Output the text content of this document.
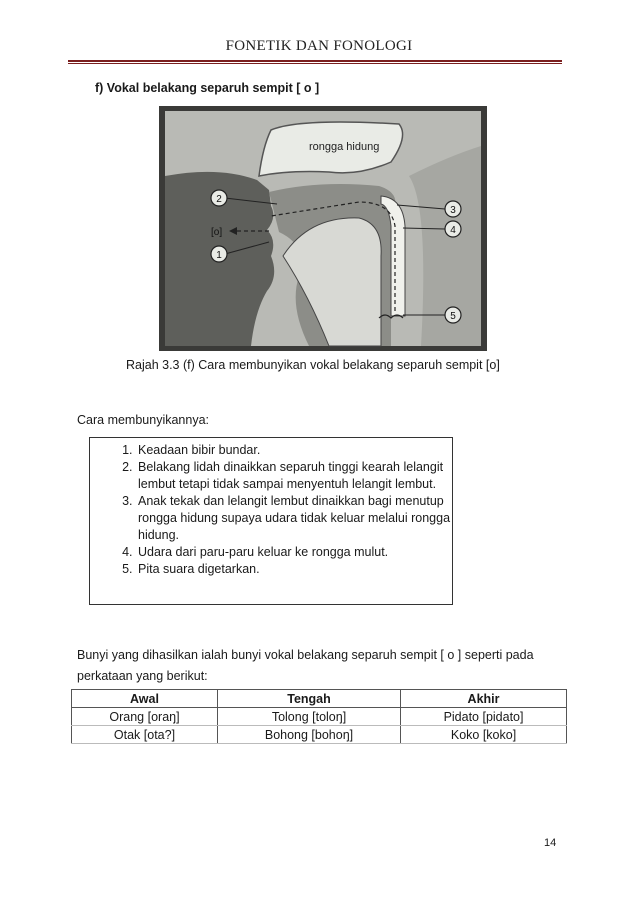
FONETIK DAN FONOLOGI
f) Vokal belakang separuh sempit [ o ]
2
1
3
4
5
rongga hidung
[o]
Rajah 3.3 (f) Cara membunyikan vokal belakang separuh sempit [o]
Cara membunyikannya:
1. Keadaan bibir bundar.
2. Belakang lidah dinaikkan separuh tinggi kearah lelangit lembut tetapi tidak sampai menyentuh lelangit lembut.
3. Anak tekak dan lelangit lembut dinaikkan bagi menutup rongga hidung supaya udara tidak keluar melalui rongga hidung.
4. Udara dari paru-paru keluar ke rongga mulut.
5. Pita suara digetarkan.
Bunyi yang dihasilkan ialah bunyi vokal belakang separuh sempit [ o ] seperti pada perkataan yang berikut:
Awal	Tengah	Akhir
Orang [oraŋ]	Tolong [toloŋ]	Pidato [pidato]
Otak [ota?]	Bohong [bohoŋ]	Koko [koko]
14
